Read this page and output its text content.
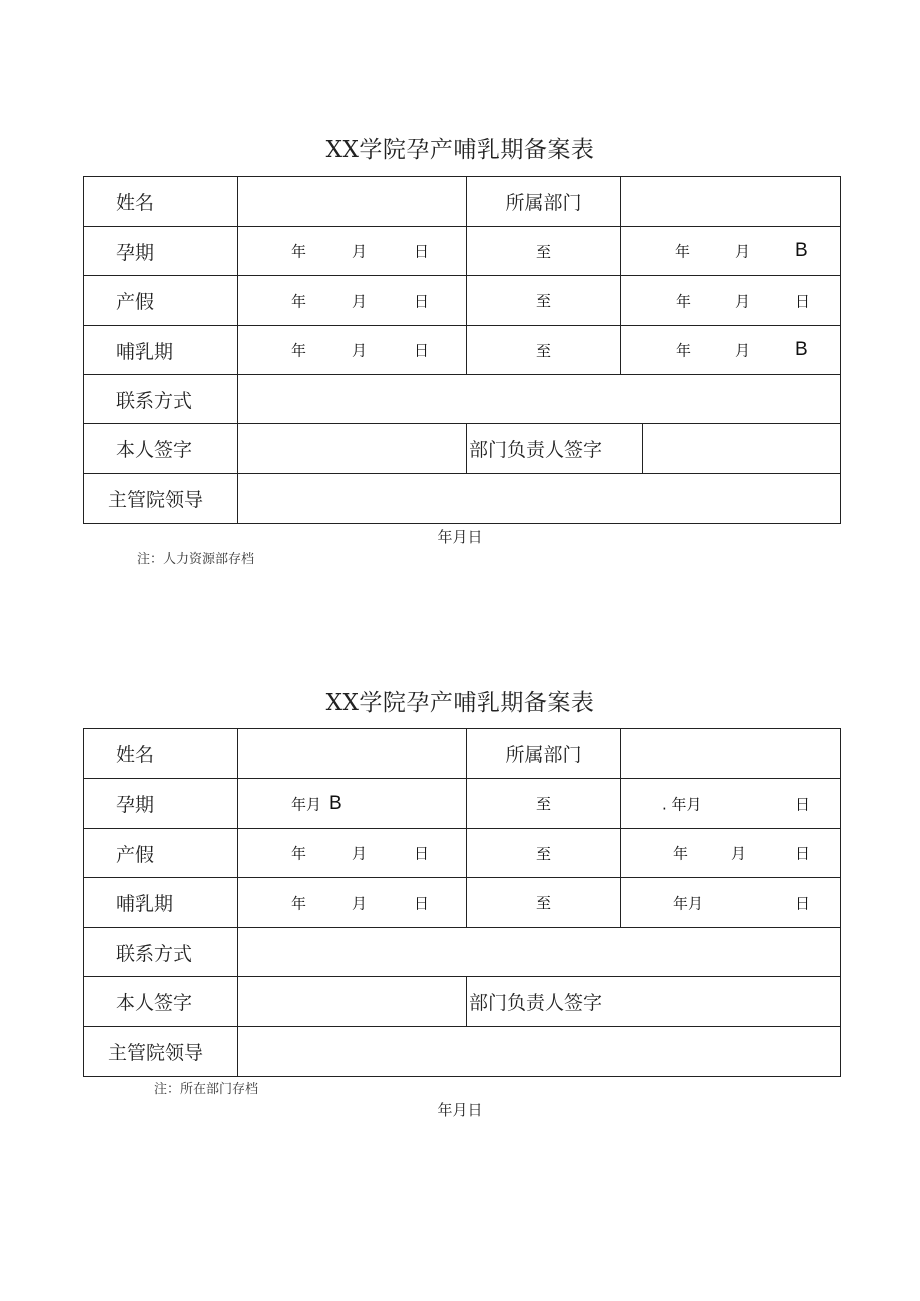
XX学院孕产哺乳期备案表
姓名		所属部门		
孕期	年 月 日	至	年 月 B	

产假	年 月 日	至	年 月 日	

哺乳期	年 月 日	至	年 月 B	

联系方式				
本人签字		部门负责人签字		
主管院领导				
年月日
注：人力资源部存档
XX学院孕产哺乳期备案表
姓名		所属部门	
孕期	年月 B	至	. 年月 日

产假	年 月 日	至	年 月 日

哺乳期	年 月 日	至	年月 日

联系方式			
本人签字		部门负责人签字	
主管院领导			
注：所在部门存档
年月日
